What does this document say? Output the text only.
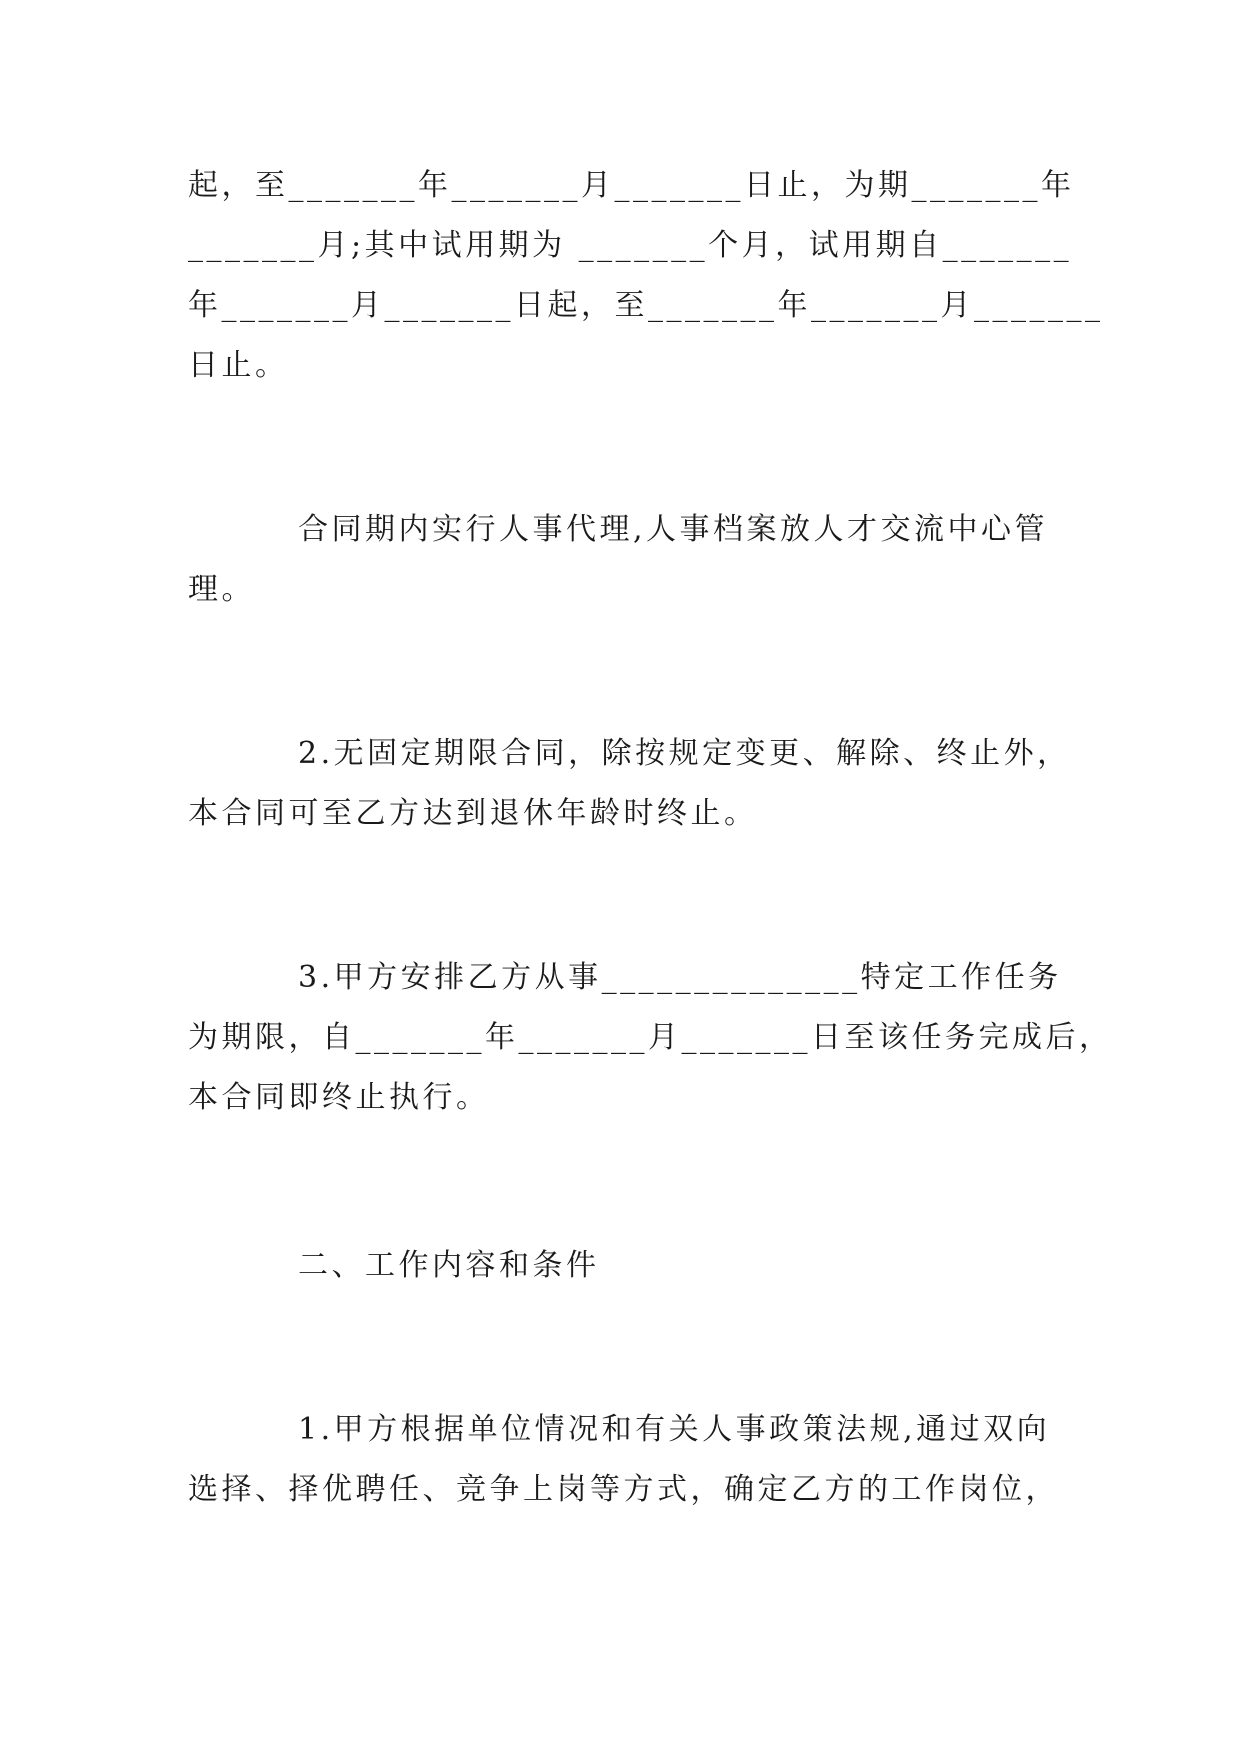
起，至_______年_______月_______日止，为期_______年
_______月;其中试用期为 _______个月，试用期自_______
年_______月_______日起，至_______年_______月_______
日止。
合同期内实行人事代理,人事档案放人才交流中心管
理。
2.无固定期限合同，除按规定变更、解除、终止外，
本合同可至乙方达到退休年龄时终止。
3.甲方安排乙方从事______________特定工作任务
为期限，自_______年_______月_______日至该任务完成后，
本合同即终止执行。
二、工作内容和条件
1.甲方根据单位情况和有关人事政策法规,通过双向
选择、择优聘任、竞争上岗等方式，确定乙方的工作岗位，
